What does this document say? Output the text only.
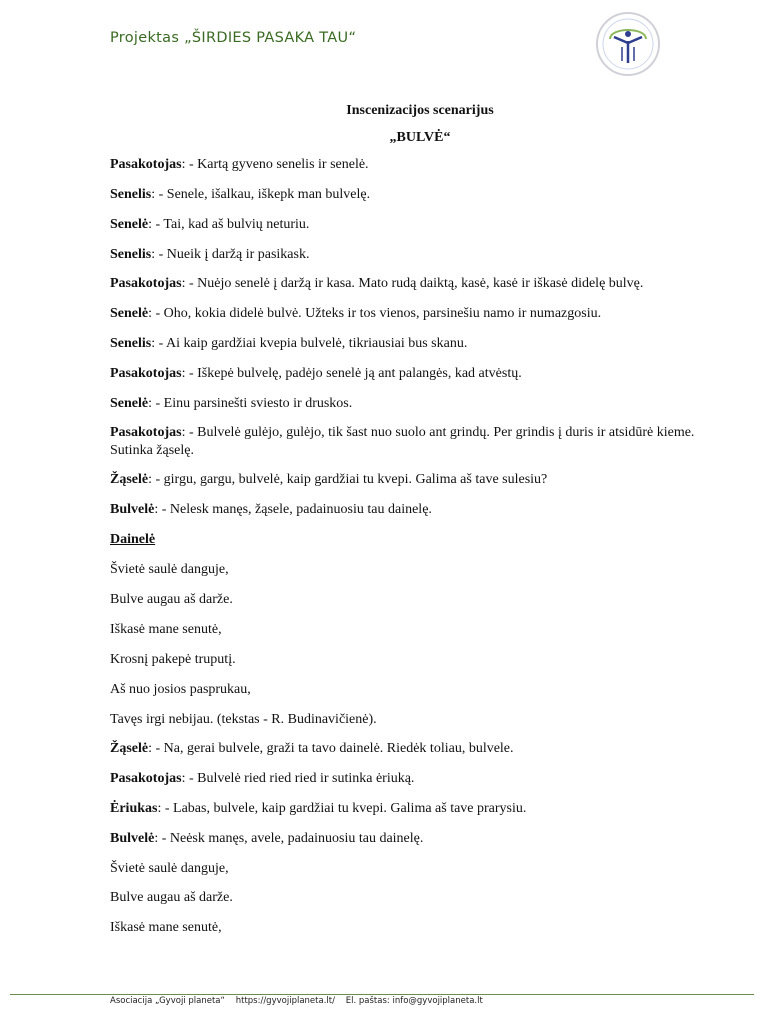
Projektas „ŠIRDIES PASAKA TAU“
Inscenizacijos scenarijus
„BULVĖ“
Pasakotojas: - Kartą gyveno senelis ir senelė.
Senelis: - Senele, išalkau, iškepk man bulvelę.
Senelė: - Tai, kad aš bulvių neturiu.
Senelis: - Nueik į daržą ir pasikask.
Pasakotojas: - Nuėjo senelė į daržą ir kasa. Mato rudą daiktą, kasė, kasė ir iškasė didelę bulvę.
Senelė: - Oho, kokia didelė bulvė. Užteks ir tos vienos, parsinešiu namo ir numazgosiu.
Senelis: - Ai kaip gardžiai kvepia bulvelė, tikriausiai bus skanu.
Pasakotojas: - Iškepė bulvelę, padėjo senelė ją ant palangės, kad atvėstų.
Senelė: - Einu parsinešti sviesto ir druskos.
Pasakotojas: - Bulvelė gulėjo, gulėjo, tik šast nuo suolo ant grindų. Per grindis į duris ir atsidūrė kieme. Sutinka žąselę.
Žąselė: - girgu, gargu, bulvelė, kaip gardžiai tu kvepi. Galima aš tave sulesiu?
Bulvelė: - Nelesk manęs, žąsele, padainuosiu tau dainelę.
Dainelė
Švietė saulė danguje,
Bulve augau aš darže.
Iškasė mane senutė,
Krosnį pakepė truputį.
Aš nuo josios pasprukau,
Tavęs irgi nebijau. (tekstas - R. Budinavičienė).
Žąselė: - Na, gerai bulvele, graži ta tavo dainelė. Riedėk toliau, bulvele.
Pasakotojas: - Bulvelė ried ried ried ir sutinka ėriuką.
Ėriukas: - Labas, bulvele, kaip gardžiai tu kvepi. Galima aš tave prarysiu.
Bulvelė: - Neėsk manęs, avele, padainuosiu tau dainelę.
Švietė saulė danguje,
Bulve augau aš darže.
Iškasė mane senutė,
Asociacija „Gyvoji planeta“ https://gyvojiplaneta.lt/ El. paštas: info@gyvojiplaneta.lt
